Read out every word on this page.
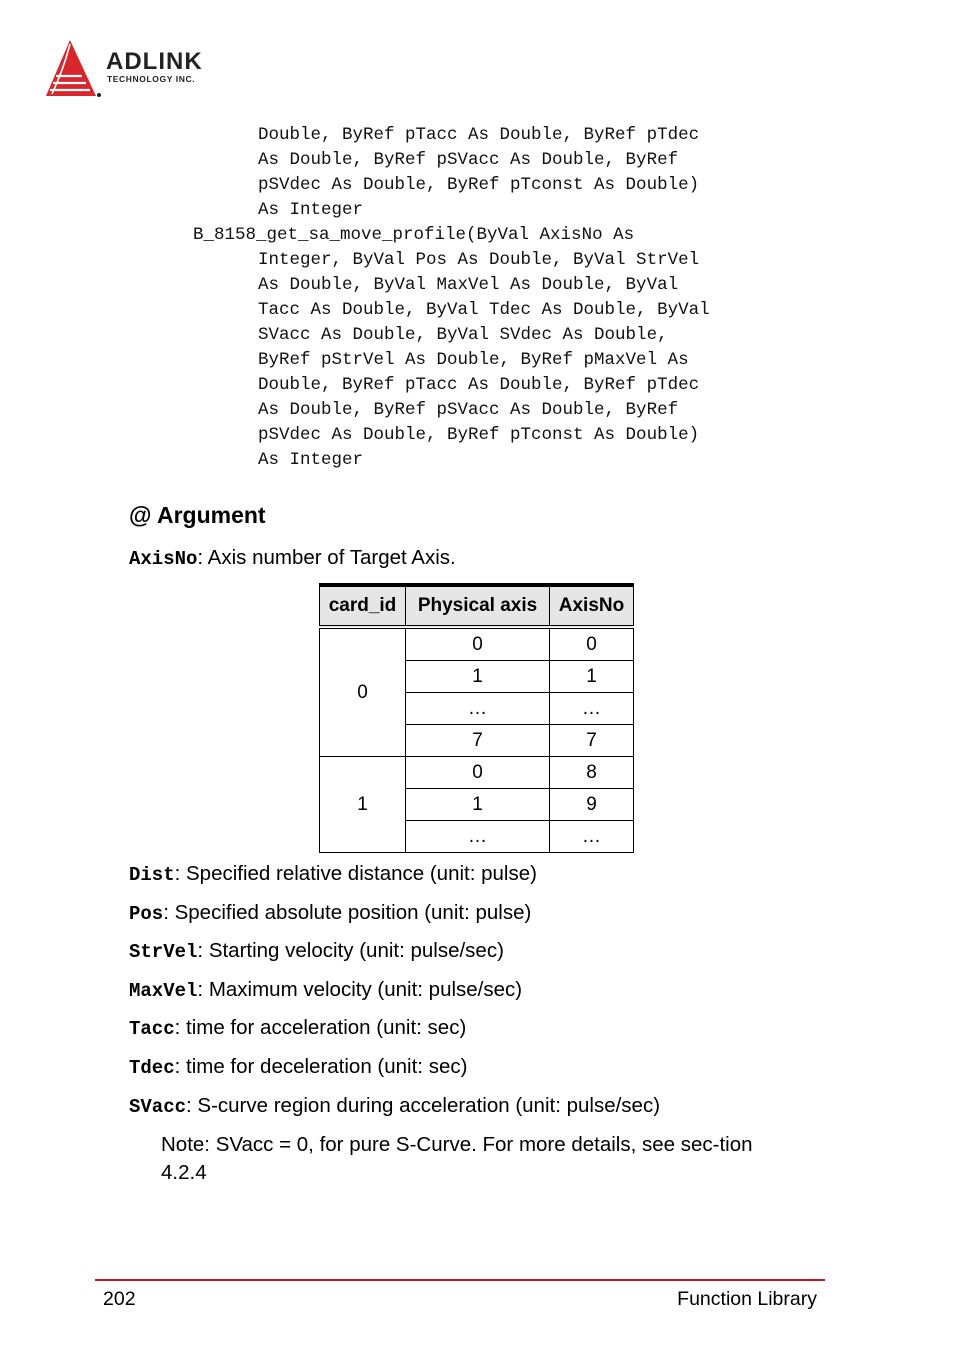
ADLINK
TECHNOLOGY INC.
Double, ByRef pTacc As Double, ByRef pTdec
As Double, ByRef pSVacc As Double, ByRef
pSVdec As Double, ByRef pTconst As Double)
As Integer
B_8158_get_sa_move_profile(ByVal AxisNo As
Integer, ByVal Pos As Double, ByVal StrVel
As Double, ByVal MaxVel As Double, ByVal
Tacc As Double, ByVal Tdec As Double, ByVal
SVacc As Double, ByVal SVdec As Double,
ByRef pStrVel As Double, ByRef pMaxVel As
Double, ByRef pTacc As Double, ByRef pTdec
As Double, ByRef pSVacc As Double, ByRef
pSVdec As Double, ByRef pTconst As Double)
As Integer
@ Argument
AxisNo: Axis number of Target Axis.
card_id	Physical axis	AxisNo
0	0	0
	1	1
	…	…
	7	7
1	0	8
	1	9
	…	…
Dist: Specified relative distance (unit: pulse)
Pos: Specified absolute position (unit: pulse)
StrVel: Starting velocity (unit: pulse/sec)
MaxVel: Maximum velocity (unit: pulse/sec)
Tacc: time for acceleration (unit: sec)
Tdec: time for deceleration (unit: sec)
SVacc: S-curve region during acceleration (unit: pulse/sec)
Note: SVacc = 0, for pure S-Curve. For more details, see sec-tion 4.2.4
202	Function Library
